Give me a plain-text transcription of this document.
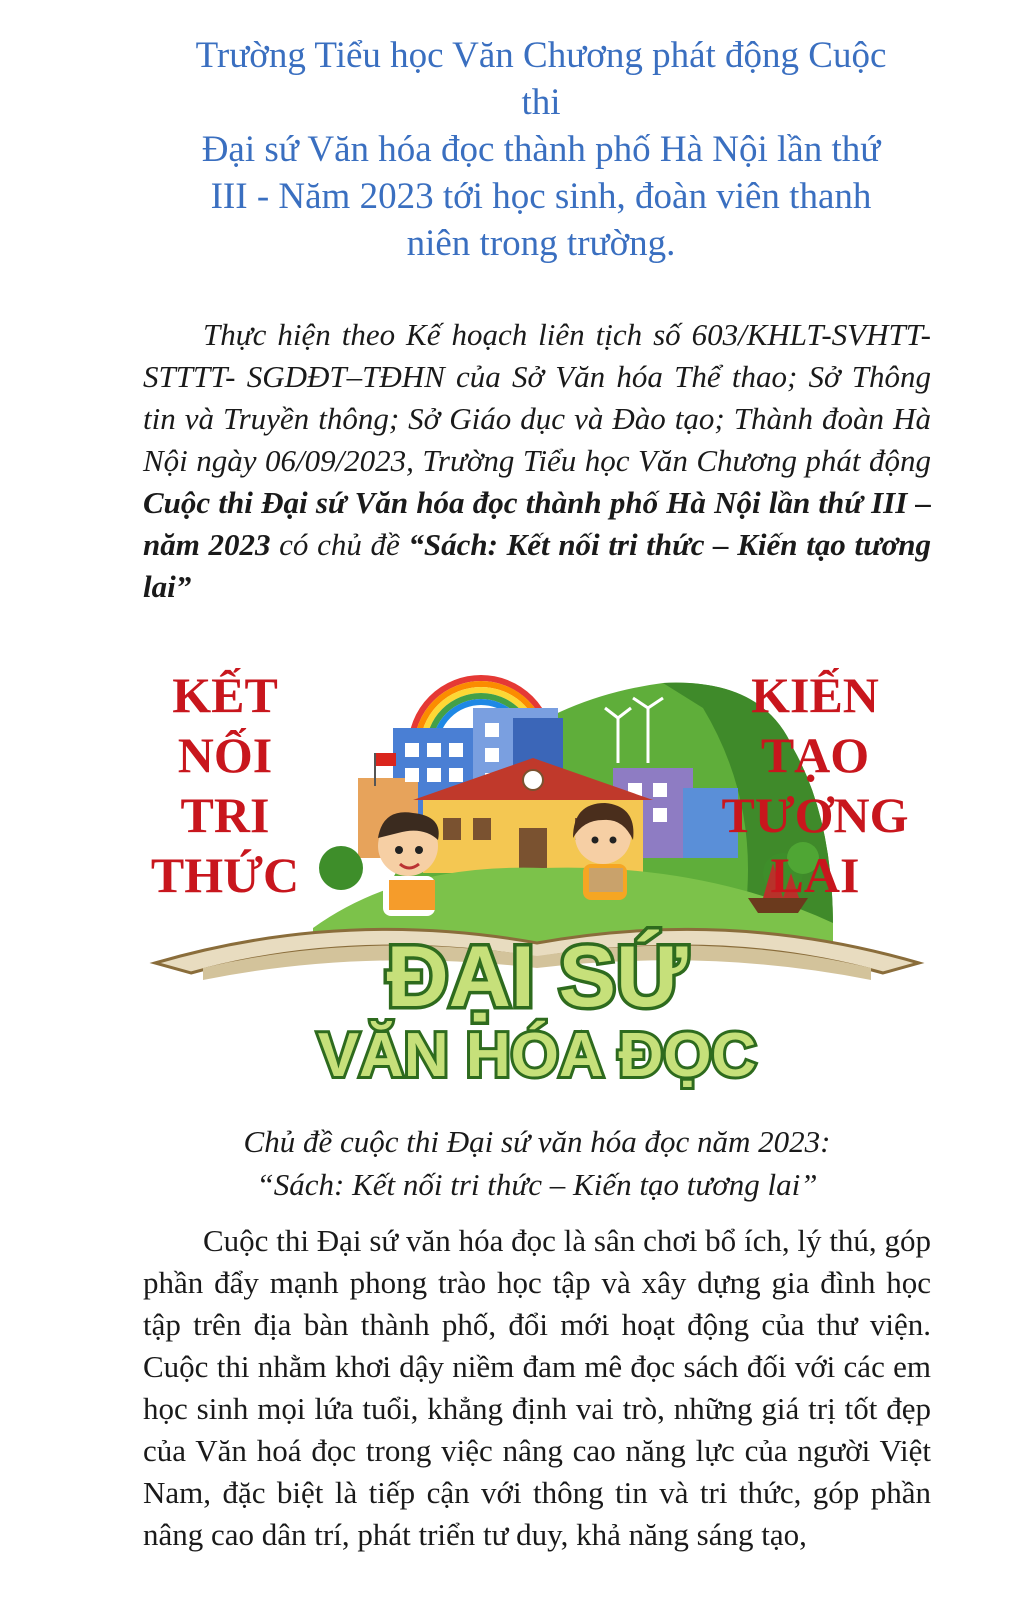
Trường Tiểu học Văn Chương phát động Cuộc
thi
Đại sứ Văn hóa đọc thành phố Hà Nội lần thứ
III - Năm 2023 tới học sinh, đoàn viên thanh
niên trong trường.

Thực hiện theo Kế hoạch liên tịch số 603/KHLT-SVHTT-STTTT- SGDĐT–TĐHN của Sở Văn hóa Thể thao; Sở Thông tin và Truyền thông; Sở Giáo dục và Đào tạo; Thành đoàn Hà Nội ngày 06/09/2023, Trường Tiểu học Văn Chương phát động Cuộc thi Đại sứ Văn hóa đọc thành phố Hà Nội lần thứ III – năm 2023 có chủ đề “Sách: Kết nối tri thức – Kiến tạo tương lai”

KẾT
NỐI
TRI
THỨC
KIẾN
TẠO
TƯƠNG
LAI
ĐẠI SỨ
VĂN HÓA ĐỌC

Chủ đề cuộc thi Đại sứ văn hóa đọc năm 2023:
“Sách: Kết nối tri thức – Kiến tạo tương lai”

Cuộc thi Đại sứ văn hóa đọc là sân chơi bổ ích, lý thú, góp phần đẩy mạnh phong trào học tập và xây dựng gia đình học tập trên địa bàn thành phố, đổi mới hoạt động của thư viện. Cuộc thi nhằm khơi dậy niềm đam mê đọc sách đối với các em học sinh mọi lứa tuổi, khẳng định vai trò, những giá trị tốt đẹp của Văn hoá đọc trong việc nâng cao năng lực của người Việt Nam, đặc biệt là tiếp cận với thông tin và tri thức, góp phần nâng cao dân trí, phát triển tư duy, khả năng sáng tạo,
